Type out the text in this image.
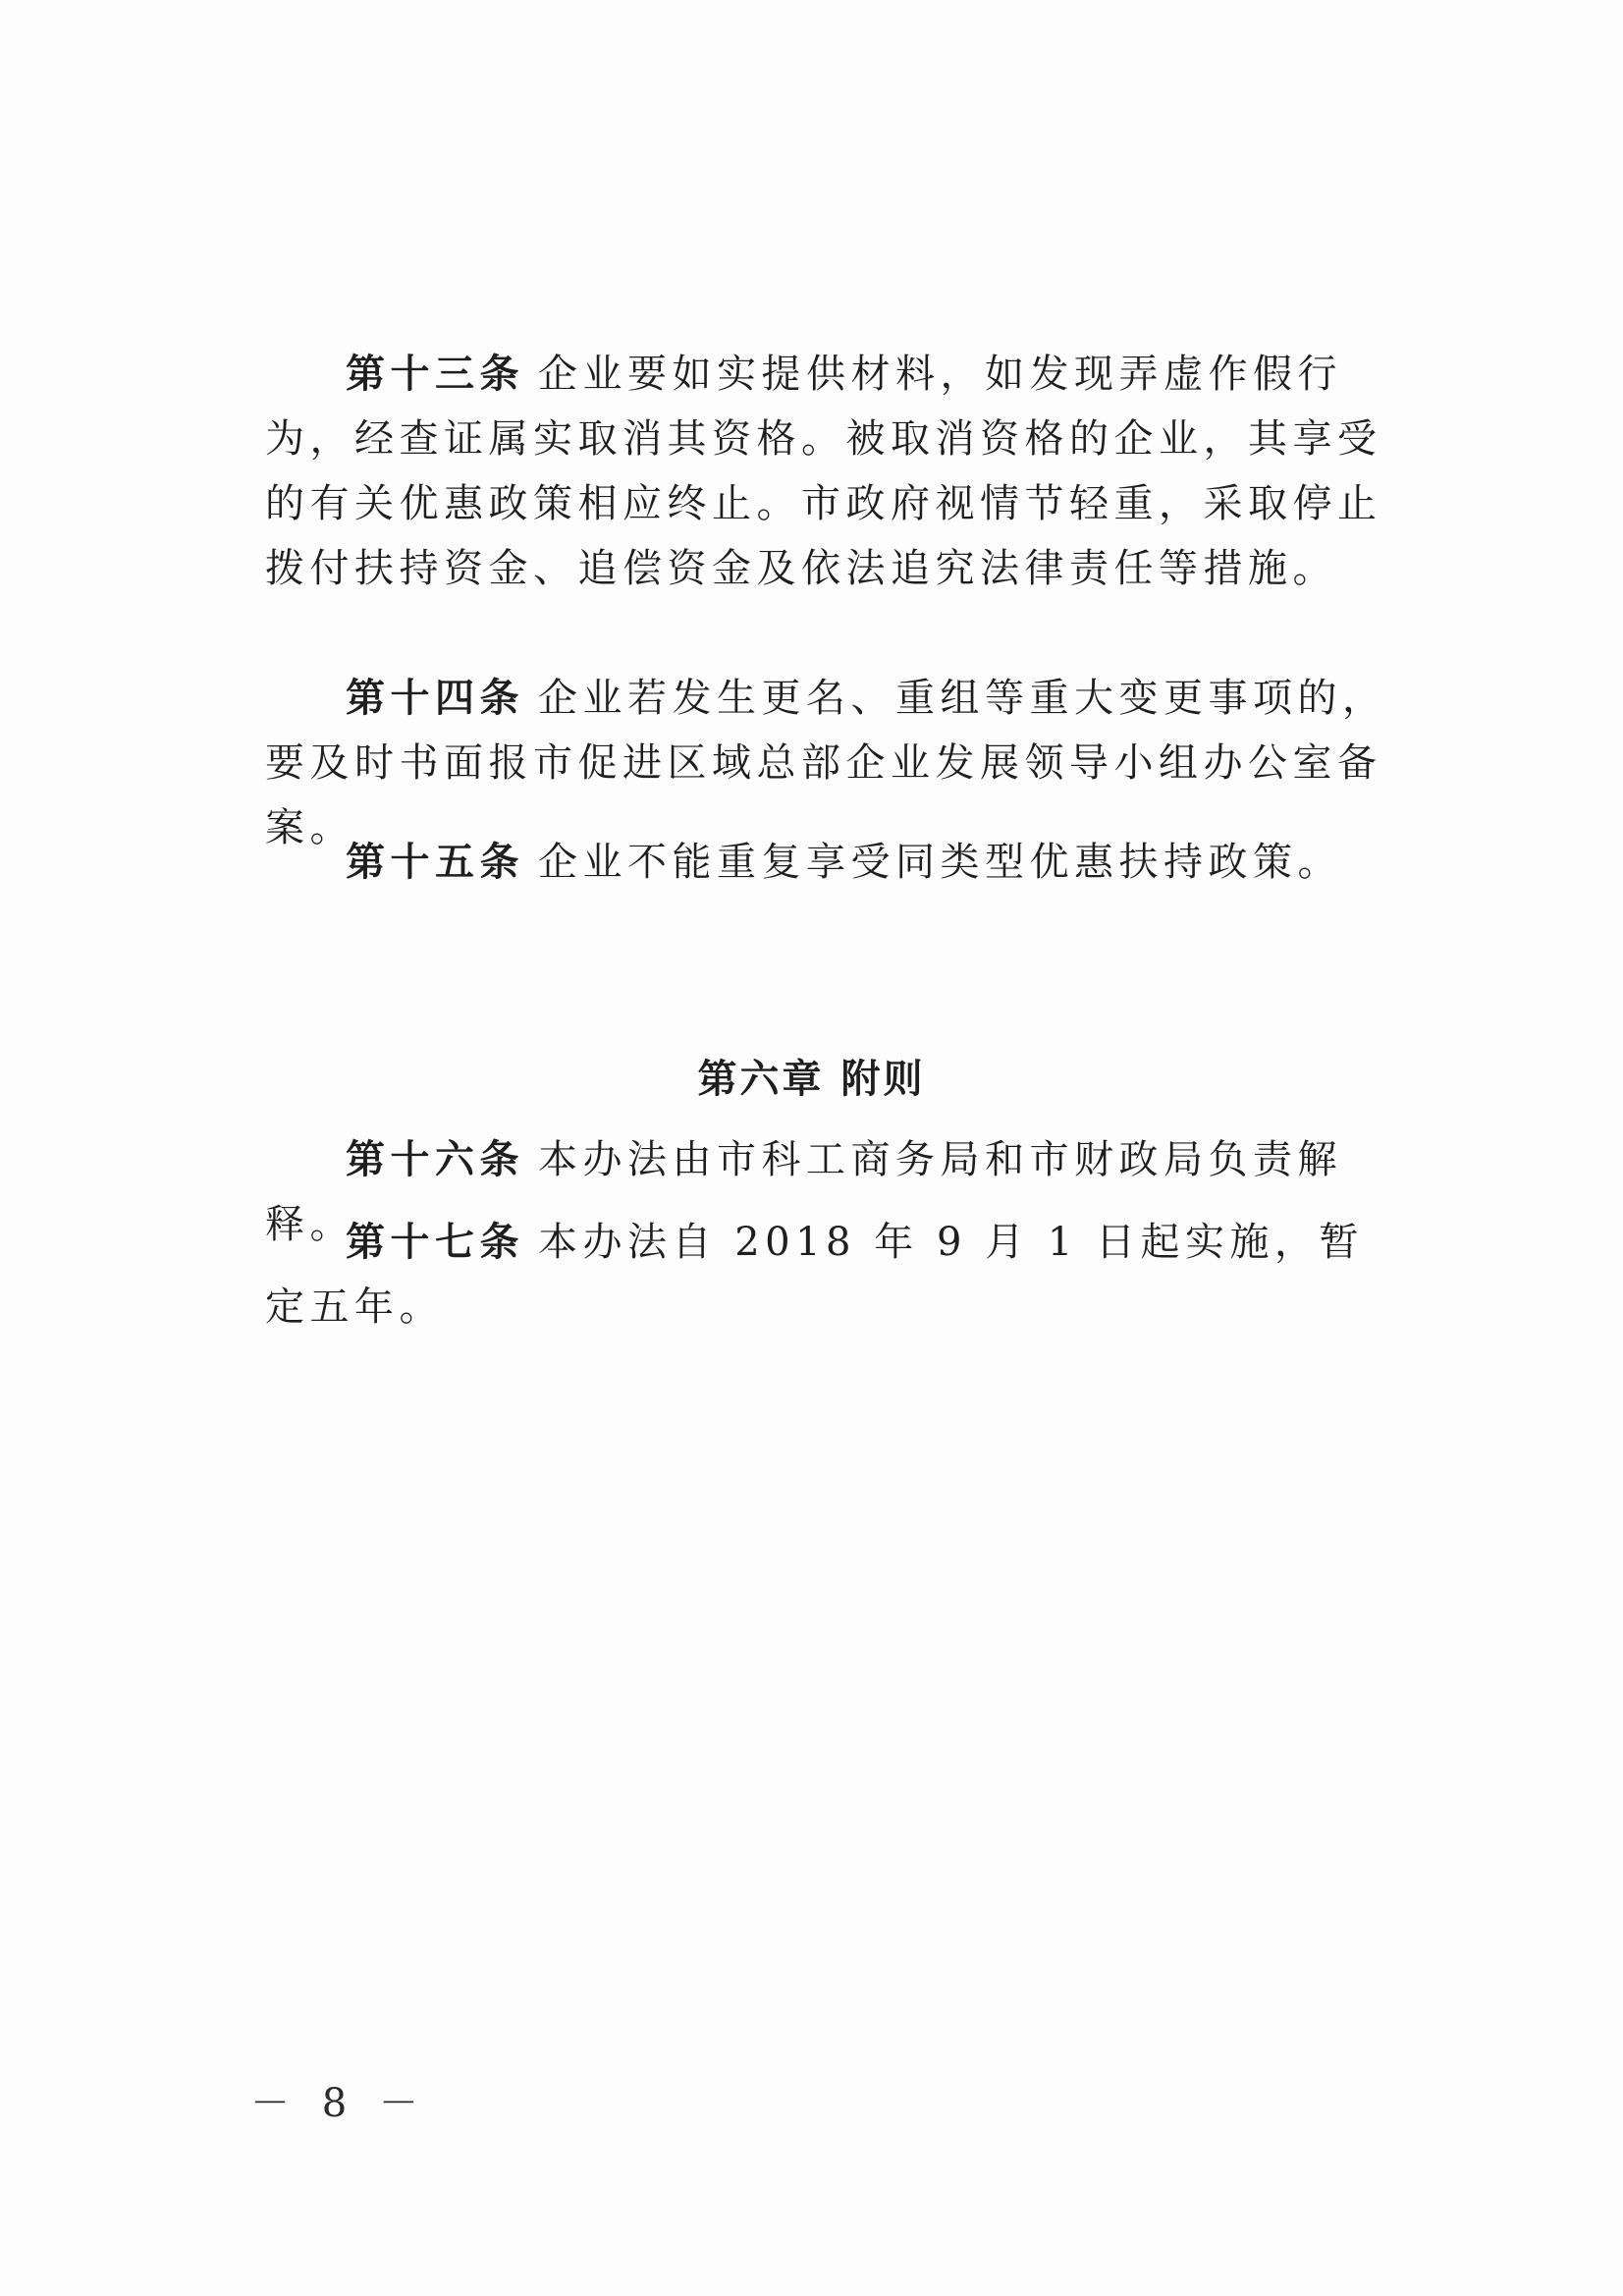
第十三条 企业要如实提供材料，如发现弄虚作假行为，经查证属实取消其资格。被取消资格的企业，其享受的有关优惠政策相应终止。市政府视情节轻重，采取停止拨付扶持资金、追偿资金及依法追究法律责任等措施。

第十四条 企业若发生更名、重组等重大变更事项的，要及时书面报市促进区域总部企业发展领导小组办公室备案。

第十五条 企业不能重复享受同类型优惠扶持政策。

第六章 附则

第十六条 本办法由市科工商务局和市财政局负责解释。

第十七条 本办法自 2018 年 9 月 1 日起实施，暂定五年。

－ 8 －
